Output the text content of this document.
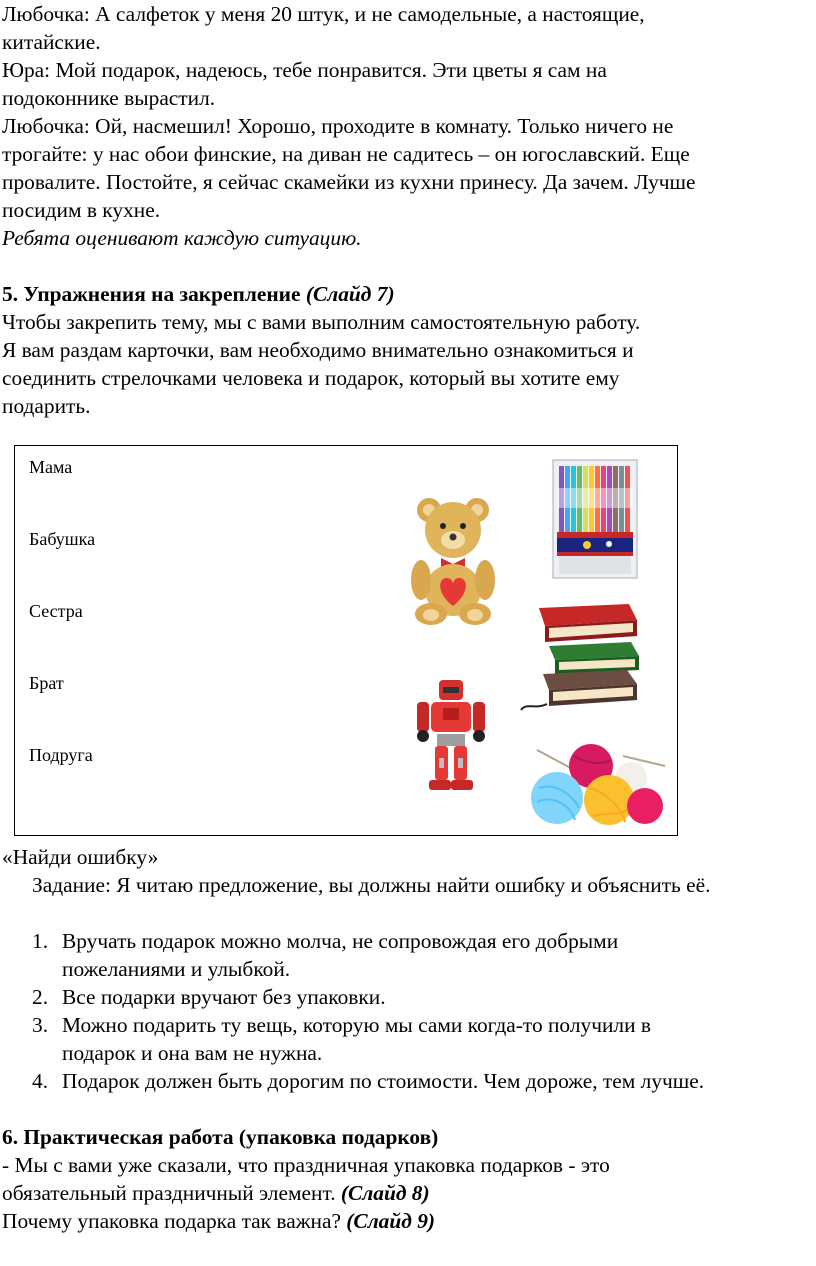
Любочка: А салфеток у меня 20 штук, и не самодельные, а настоящие,

китайские.

Юра: Мой подарок, надеюсь, тебе понравится. Эти цветы я сам на

подоконнике вырастил.

Любочка: Ой, насмешил! Хорошо, проходите в комнату. Только ничего не

трогайте: у нас обои финские, на диван не садитесь – он югославский. Еще

провалите. Постойте, я сейчас скамейки из кухни принесу. Да зачем. Лучше

посидим в кухне.

Ребята оценивают каждую ситуацию.

5. Упражнения на закрепление (Слайд 7)

Чтобы закрепить тему, мы с вами выполним самостоятельную работу.

Я вам раздам карточки, вам необходимо внимательно ознакомиться и

соединить стрелочками человека и подарок, который вы хотите ему

подарить.

Мама
Бабушка
Сестра
Брат
Подруга

«Найди ошибку»

Задание: Я читаю предложение, вы должны найти ошибку и объяснить её.

1. Вручать подарок можно молча, не сопровождая его добрыми
пожеланиями и улыбкой.
2. Все подарки вручают без упаковки.
3. Можно подарить ту вещь, которую мы сами когда-то получили в
подарок и она вам не нужна.
4. Подарок должен быть дорогим по стоимости. Чем дороже, тем лучше.

6. Практическая работа (упаковка подарков)

- Мы с вами уже сказали, что праздничная упаковка подарков - это

обязательный праздничный элемент. (Слайд 8)

Почему упаковка подарка так важна? (Слайд 9)
